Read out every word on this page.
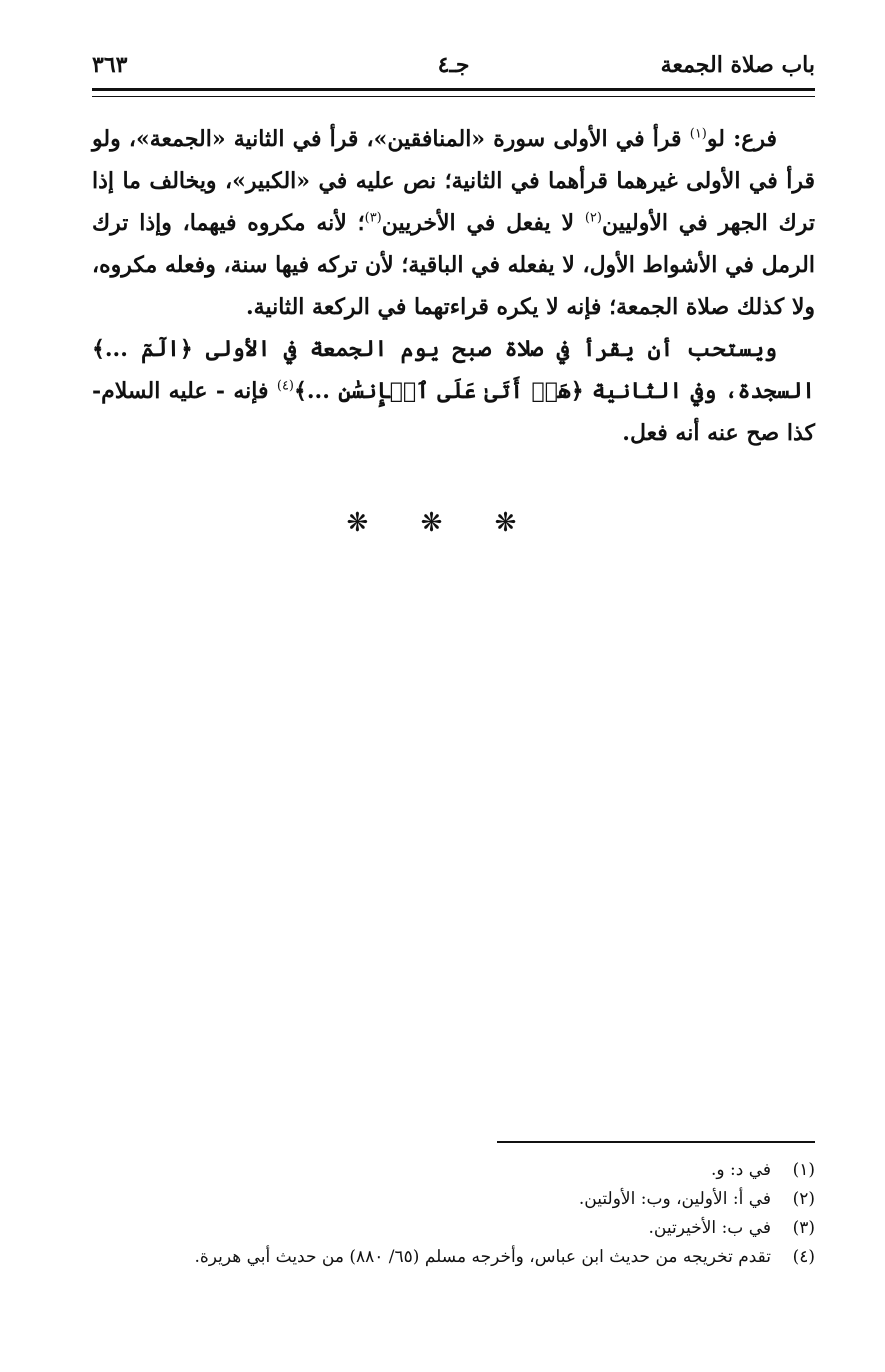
باب صلاة الجمعة
جـ٤
٣٦٣

فرع: لو$^{(١)}$ قرأ في الأولى سورة «المنافقين»، قرأ في الثانية «الجمعة»، ولو قرأ في الأولى غيرهما قرأهما في الثانية؛ نص عليه في «الكبير»، ويخالف ما إذا ترك الجهر في الأوليين$^{(٢)}$ لا يفعل في الأخريين$^{(٣)}$؛ لأنه مكروه فيهما، وإذا ترك الرمل في الأشواط الأول، لا يفعله في الباقية؛ لأن تركه فيها سنة، وفعله مكروه، ولا كذلك صلاة الجمعة؛ فإنه لا يكره قراءتهما في الركعة الثانية.

ويستحب أن يقرأ في صلاة صبح يوم الجمعة في الأولى ﴿الٓمٓ ...﴾ السجدة، وفي الثانية ﴿هَلۡ أَتَىٰ عَلَى ٱلۡإِنسَٰنِ ...﴾$^{(٤)}$ فإنه - عليه السلام- كذا صح عنه أنه فعل.

❋ ❋ ❋
(١)
في د: و.
(٢)
في أ: الأولين، وب: الأولتين.
(٣)
في ب: الأخيرتين.
(٤)
تقدم تخريجه من حديث ابن عباس، وأخرجه مسلم (٦٥/ ٨٨٠) من حديث أبي هريرة.
